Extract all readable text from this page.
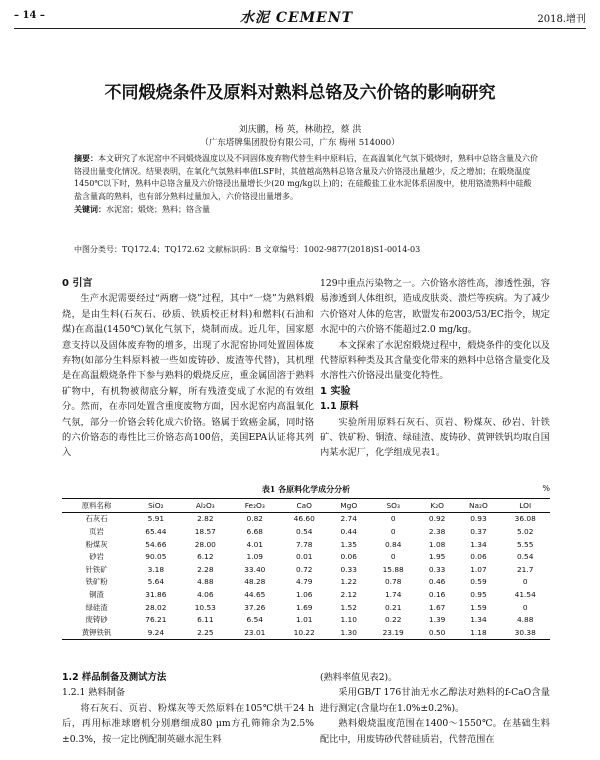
– 14 –	水泥 CEMENT	2018.增刊
不同煅烧条件及原料对熟料总铬及六价铬的影响研究
刘庆鹏，杨 英，林勋控，蔡 洪
（广东塔牌集团股份有限公司，广东 梅州 514000）
摘要：本文研究了水泥窑中不同煅烧温度以及不同固体废弃物代替生料中原料后，在高温氧化气氛下煅烧时，熟料中总铬含量及六价铬浸出量变化情况。结果表明，在氧化气氛熟料率值LSF时，其值越高熟料总铬含量及六价铬浸出量越少，反之增加；在煅烧温度1450℃以下时，熟料中总铬含量及六价铬浸出量增长少(20 mg/kg以上)的；在硅酸盐工业水泥体系固废中，使用铬渣熟料中硅酸盐含量高的熟料，也有部分熟料过量加入，六价铬浸出量增多。
关键词：水泥窑；煅烧；熟料；铬含量
中图分类号：TQ172.4；TQ172.62 文献标识码：B 文章编号：1002-9877(2018)S1-0014-03
0 引言

生产水泥需要经过“两磨一烧”过程，其中“一烧”为熟料煅烧，是由生料(石灰石、砂质、铁质校正材料)和燃料(石油和煤)在高温(1450℃)氧化气氛下，烧制而成。近几年，国家愿意支持以及固体废弃物的增多，出现了水泥窑协同处置固体废弃物(如部分生料原料被一些如废铸砂、废渣等代替)，其机理是在高温煅烧条件下参与熟料的煅烧反应，重金属固溶于熟料矿物中，有机物被彻底分解，所有残渣变成了水泥的有效组分。然而，在赤同处置含重度废物方面，因水泥窑内高温氧化气氛，部分一价铬会转化成六价铬。铬属于致癌金属，同时铬的六价铬态的毒性比三价铬态高100倍，美国EPA认证将其列入

129中重点污染物之一。六价铬水溶性高，渗透性强，容易渗透到人体组织，造成皮肤炎、溃烂等疾病。为了减少六价铬对人体的危害，欧盟发布2003/53/EC指令，规定水泥中的六价铬不能超过2.0 mg/kg。

本文探索了水泥窑煅烧过程中，煅烧条件的变化以及代替原料种类及其含量变化带来的熟料中总铬含量变化及水溶性六价铬浸出量变化特性。

1 实验
1.1 原料

实验所用原料石灰石、页岩、粉煤灰、砂岩、针铁矿、铁矿粉、铜渣、绿硅渣、废铸砂、黄钾铁钒均取自国内某水泥厂，化学组成见表1。

表1 各原料化学成分分析	%
原料名称	SiO₂	Al₂O₃	Fe₂O₃	CaO	MgO	SO₃	K₂O	Na₂O	LOI
石灰石	5.91	2.82	0.82	46.60	2.74	0	0.92	0.93	36.08
页岩	65.44	18.57	6.68	0.54	0.44	0	2.38	0.37	5.02
粉煤灰	54.66	28.00	4.01	7.78	1.35	0.84	1.08	1.34	5.55
砂岩	90.05	6.12	1.09	0.01	0.06	0	1.95	0.06	0.54
针铁矿	3.18	2.28	33.40	0.72	0.33	15.88	0.33	1.07	21.7
铁矿粉	5.64	4.88	48.28	4.79	1.22	0.78	0.46	0.59	0
铜渣	31.86	4.06	44.65	1.06	2.12	1.74	0.16	0.95	41.54
绿硅渣	28.02	10.53	37.26	1.69	1.52	0.21	1.67	1.59	0
废铸砂	76.21	6.11	6.54	1.01	1.10	0.22	1.39	1.34	4.88
黄钾铁钒	9.24	2.25	23.01	10.22	1.30	23.19	0.50	1.18	30.38
1.2 样品制备及测试方法
1.2.1 熟料制备

将石灰石、页岩、粉煤灰等天然原料在105℃烘干24 h后，再用标准球磨机分别磨细成80 μm方孔筛筛余为2.5%±0.3%，按一定比例配制英磁水泥生料

(熟料率值见表2)。

采用GB/T 176甘油无水乙醇法对熟料的f-CaO含量进行测定(含量均在1.0%±0.2%)。

熟料煅烧温度范围在1400～1550℃。在基础生料配比中，用废铸砂代替硅质岩，代替范围在
